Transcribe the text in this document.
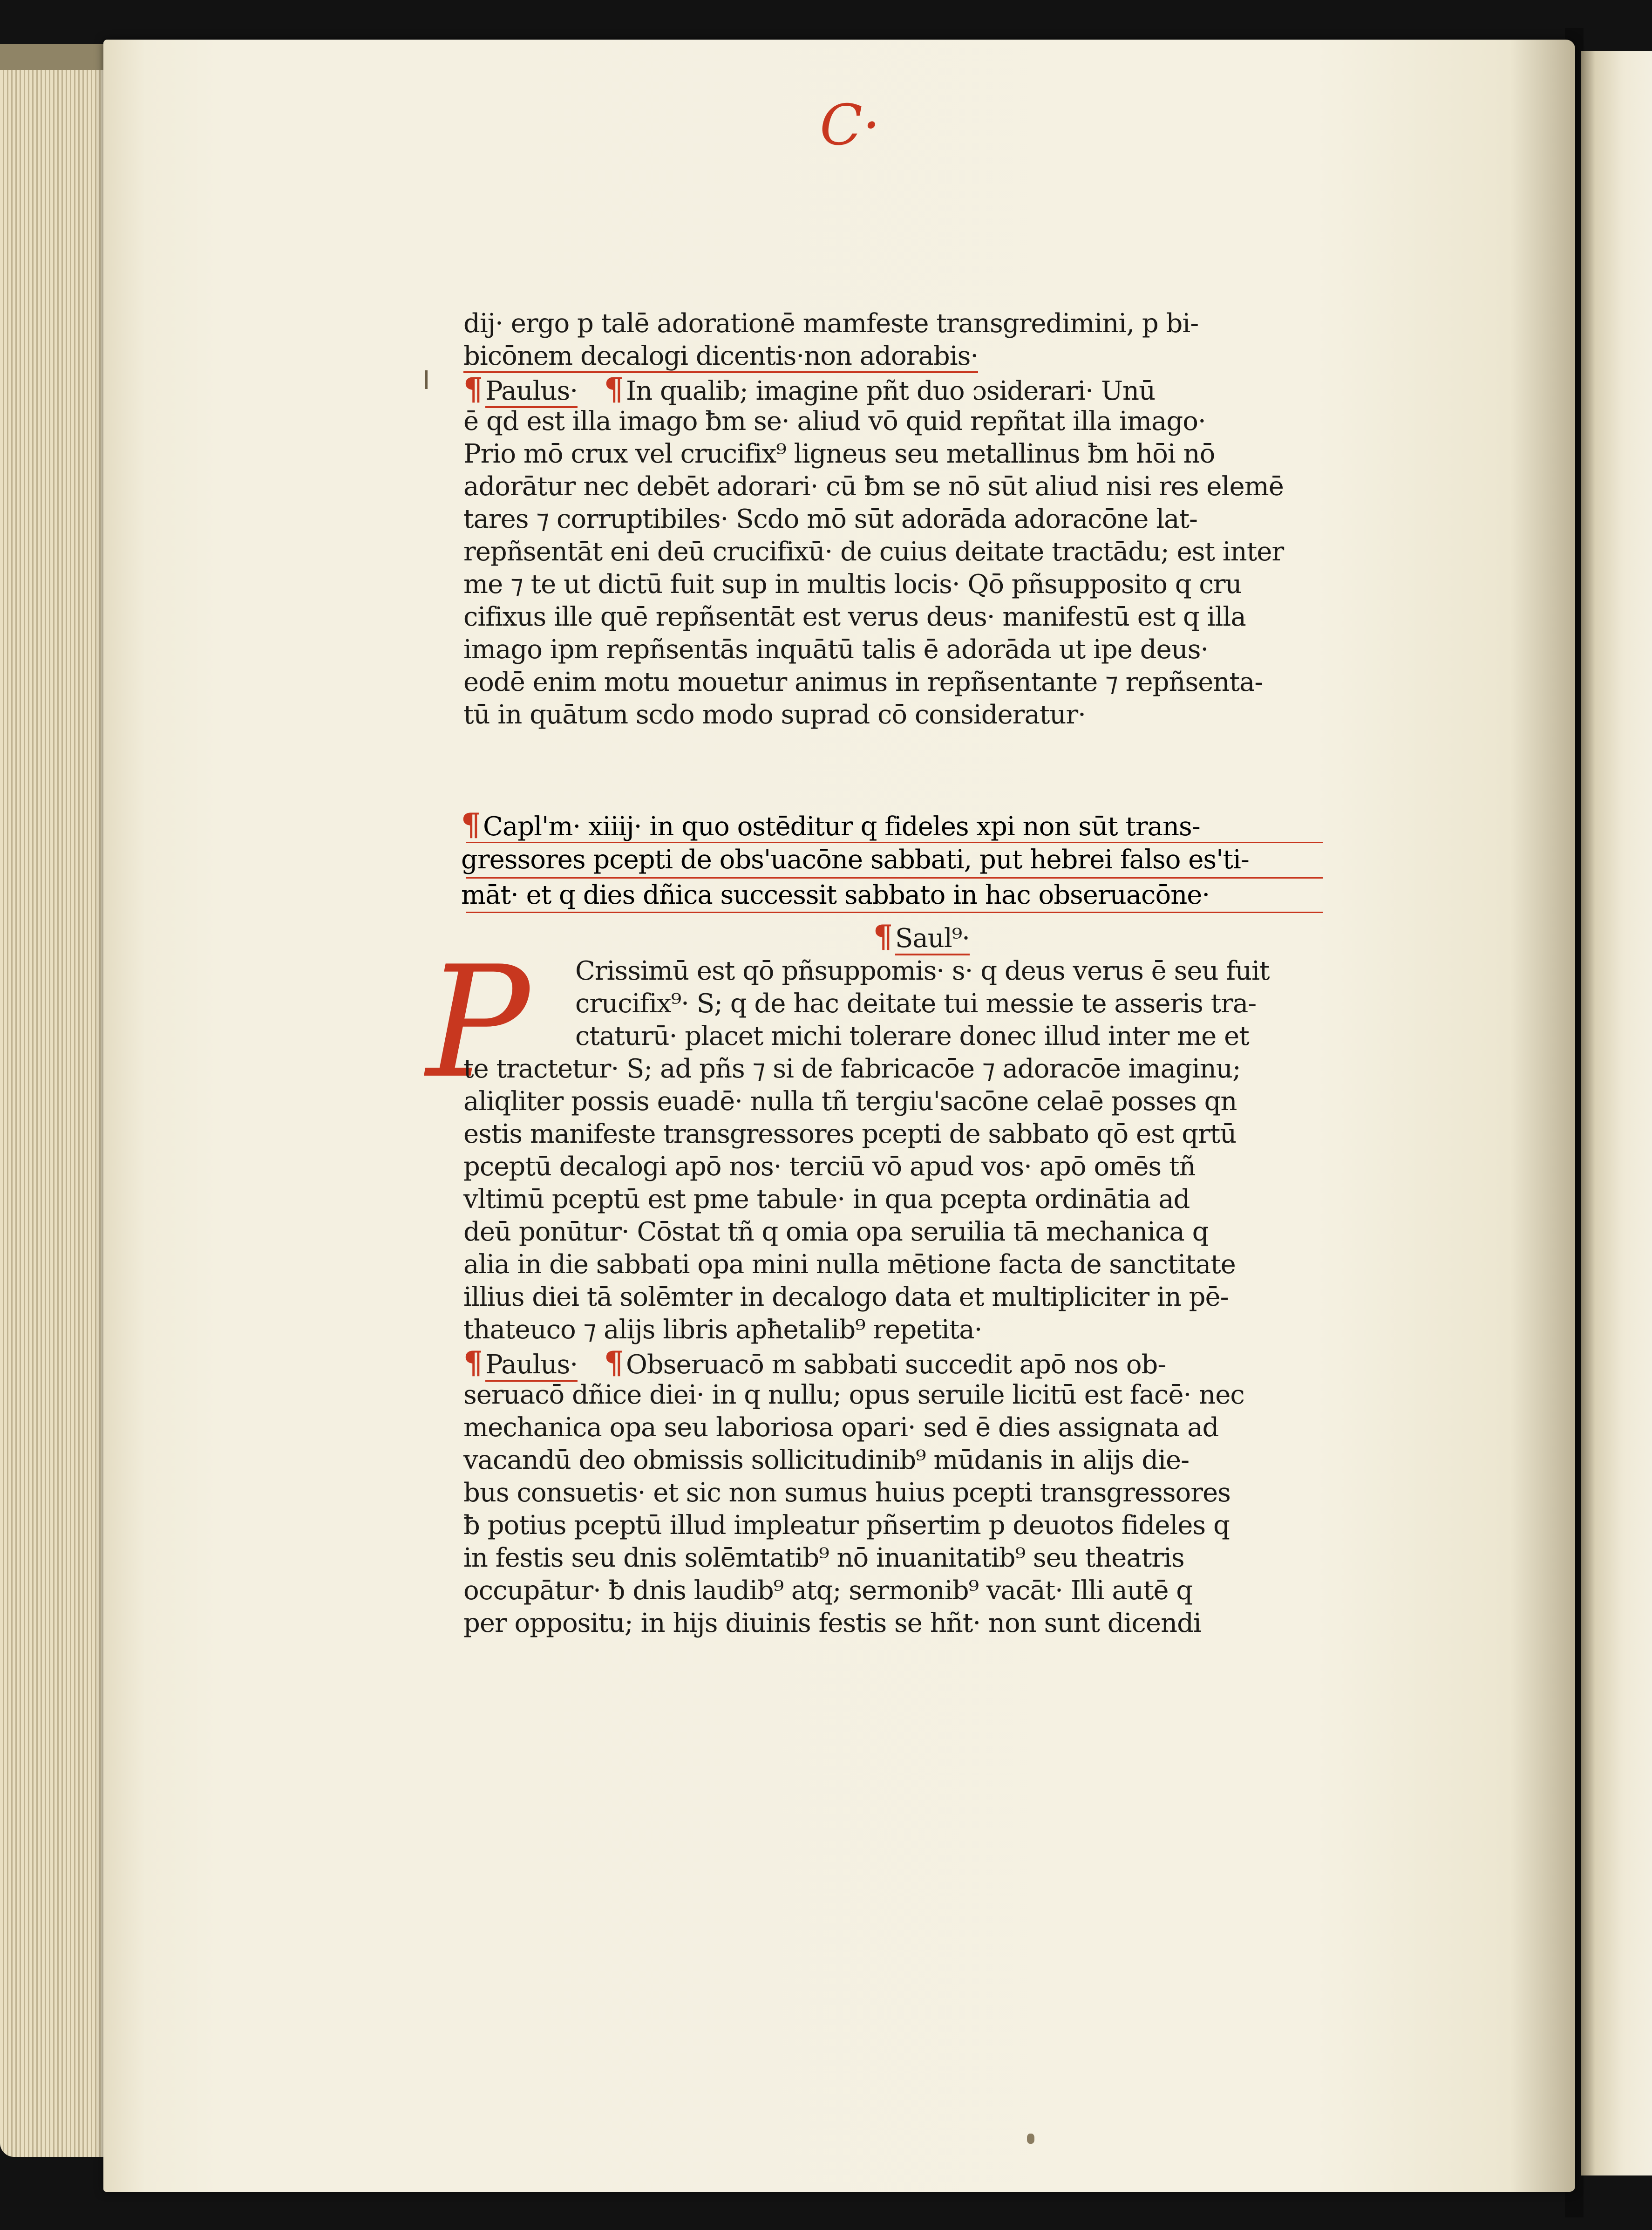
C·
dij· ergo p talē adorationē mamfeste transgredimini, p bi-
bicōnem decalogi dicentis·non adorabis·
¶ Paulus· ¶ In qualib; imagine pñt duo ɔsiderari· Unū
ē qd est illa imago ƀm se· aliud vō quid repñtat illa imago·
Prio mō crux vel crucifix⁹ ligneus seu metallinus ƀm hōi nō
adorātur nec debēt adorari· cū ƀm se nō sūt aliud nisi res elemē
tares ⁊ corruptibiles· Scdo mō sūt adorāda adoracōne lat-
repñsentāt eni deū crucifixū· de cuius deitate tractādu; est inter
me ⁊ te ut dictū fuit sup in multis locis· Qō pñsupposito q cru
cifixus ille quē repñsentāt est verus deus· manifestū est q illa
imago ipm repñsentās inquātū talis ē adorāda ut ipe deus·
eodē enim motu mouetur animus in repñsentante ⁊ repñsenta-
tū in quātum scdo modo suprad cō consideratur·
¶ Capl'm· xiiij· in quo ostēditur q fideles xpi non sūt trans-
gressores pcepti de obs'uacōne sabbati, put hebrei falso es'ti-
māt· et q dies dñica successit sabbato in hac obseruacōne·
¶ Saul⁹·
P Crissimū est qō pñsuppomis· s· q deus verus ē seu fuit
crucifix⁹· S; q de hac deitate tui messie te asseris tra-
ctaturū· placet michi tolerare donec illud inter me et
te tractetur· S; ad pñs ⁊ si de fabricacōe ⁊ adoracōe imaginu;
aliqliter possis euadē· nulla tñ tergiu'sacōne celaē posses qn
estis manifeste transgressores pcepti de sabbato qō est qrtū
pceptū decalogi apō nos· terciū vō apud vos· apō omēs tñ
vltimū pceptū est pme tabule· in qua pcepta ordinātia ad
deū ponūtur· Cōstat tñ q omia opa seruilia tā mechanica q
alia in die sabbati opa mini nulla mētione facta de sanctitate
illius diei tā solēmter in decalogo data et multipliciter in pē-
thateuco ⁊ alijs libris apħetalib⁹ repetita·
¶ Paulus· ¶ Obseruacō m sabbati succedit apō nos ob-
seruacō dñice diei· in q nullu; opus seruile licitū est facē· nec
mechanica opa seu laboriosa opari· sed ē dies assignata ad
vacandū deo obmissis sollicitudinib⁹ mūdanis in alijs die-
bus consuetis· et sic non sumus huius pcepti transgressores
ƀ potius pceptū illud impleatur pñsertim p deuotos fideles q
in festis seu dnis solēmtatib⁹ nō inuanitatib⁹ seu theatris
occupātur· ƀ dnis laudib⁹ atq; sermonib⁹ vacāt· Illi autē q
per oppositu; in hijs diuinis festis se hñt· non sunt dicendi
